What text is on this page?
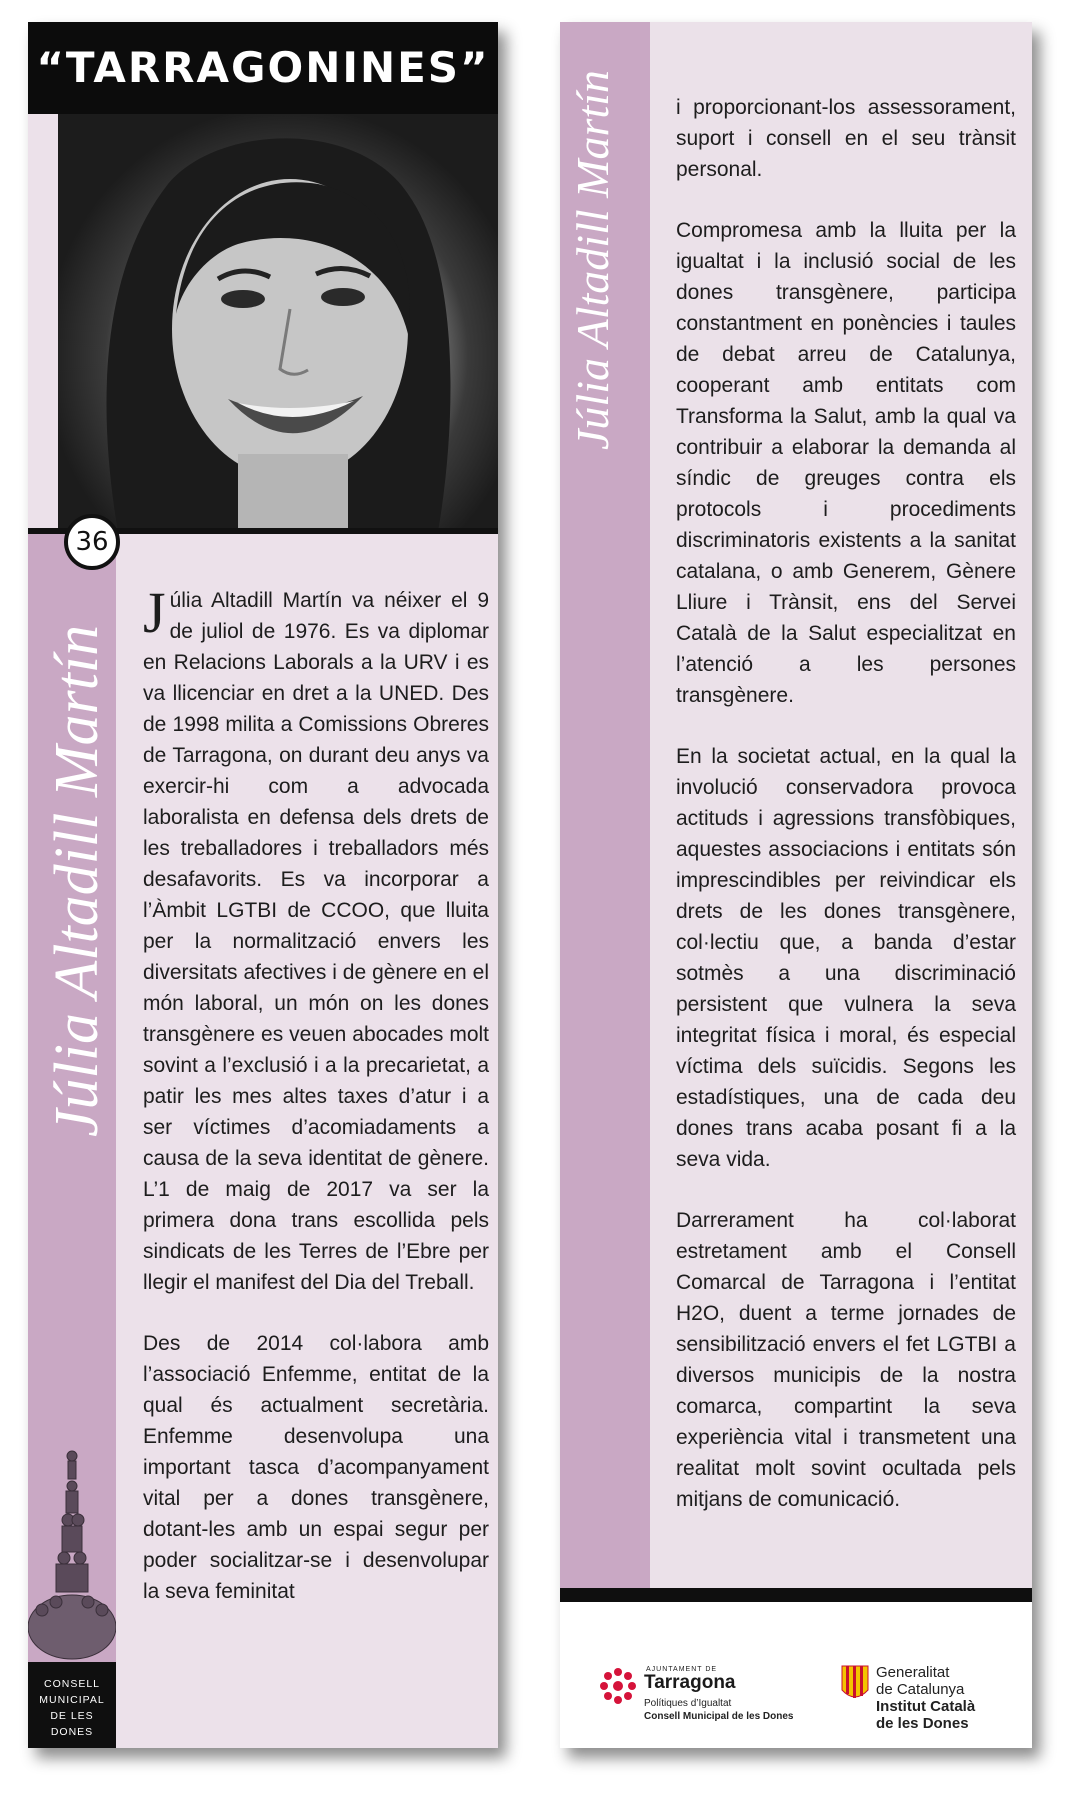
“TARRAGONINES”
36
Júlia Altadill Martín
CONSELL
MUNICIPAL
DE LES DONES

Júlia Altadill Martín va néixer el 9 de juliol de 1976. Es va diplomar en Relacions Laborals a la URV i es va llicenciar en dret a la UNED. Des de 1998 milita a Comissions Obreres de Tarragona, on durant deu anys va exercir-hi com a advocada laboralista en defensa dels drets de les treballadores i treballadors més desafavorits. Es va incorporar a l’Àmbit LGTBI de CCOO, que lluita per la normalització envers les diversitats afectives i de gènere en el món laboral, un món on les dones transgènere es veuen abocades molt sovint a l’exclusió i a la precarietat, a patir les mes altes taxes d’atur i a ser víctimes d’acomiadaments a causa de la seva identitat de gènere. L’1 de maig de 2017 va ser la primera dona trans escollida pels sindicats de les Terres de l’Ebre per llegir el manifest del Dia del Treball.

Des de 2014 col·labora amb l’associació Enfemme, entitat de la qual és actualment secretària. Enfemme desenvolupa una important tasca d’acompanyament vital per a dones transgènere, dotant-les amb un espai segur per poder socialitzar-se i desenvolupar la seva feminitat

i proporcionant-los assessorament, suport i consell en el seu trànsit personal.

Compromesa amb la lluita per la igualtat i la inclusió social de les dones transgènere, participa constantment en ponències i taules de debat arreu de Catalunya, cooperant amb entitats com Transforma la Salut, amb la qual va contribuir a elaborar la demanda al síndic de greuges contra els protocols i procediments discriminatoris existents a la sanitat catalana, o amb Generem, Gènere Lliure i Trànsit, ens del Servei Català de la Salut especialitzat en l’atenció a les persones transgènere.

En la societat actual, en la qual la involució conservadora provoca actituds i agressions transfòbiques, aquestes associacions i entitats són imprescindibles per reivindicar els drets de les dones transgènere, col·lectiu que, a banda d’estar sotmès a una discriminació persistent que vulnera la seva integritat física i moral, és especial víctima dels suïcidis. Segons les estadístiques, una de cada deu dones trans acaba posant fi a la seva vida.

Darrerament ha col·laborat estretament amb el Consell Comarcal de Tarragona i l’entitat H2O, duent a terme jornades de sensibilització envers el fet LGTBI a diversos municipis de la nostra comarca, compartint la seva experiència vital i transmetent una realitat molt sovint ocultada pels mitjans de comunicació.

AJUNTAMENT DE
Tarragona
Polítiques d’Igualtat
Consell Municipal de les Dones
Generalitat
de Catalunya
Institut Català
de les Dones
Júlia Altadill Martín
